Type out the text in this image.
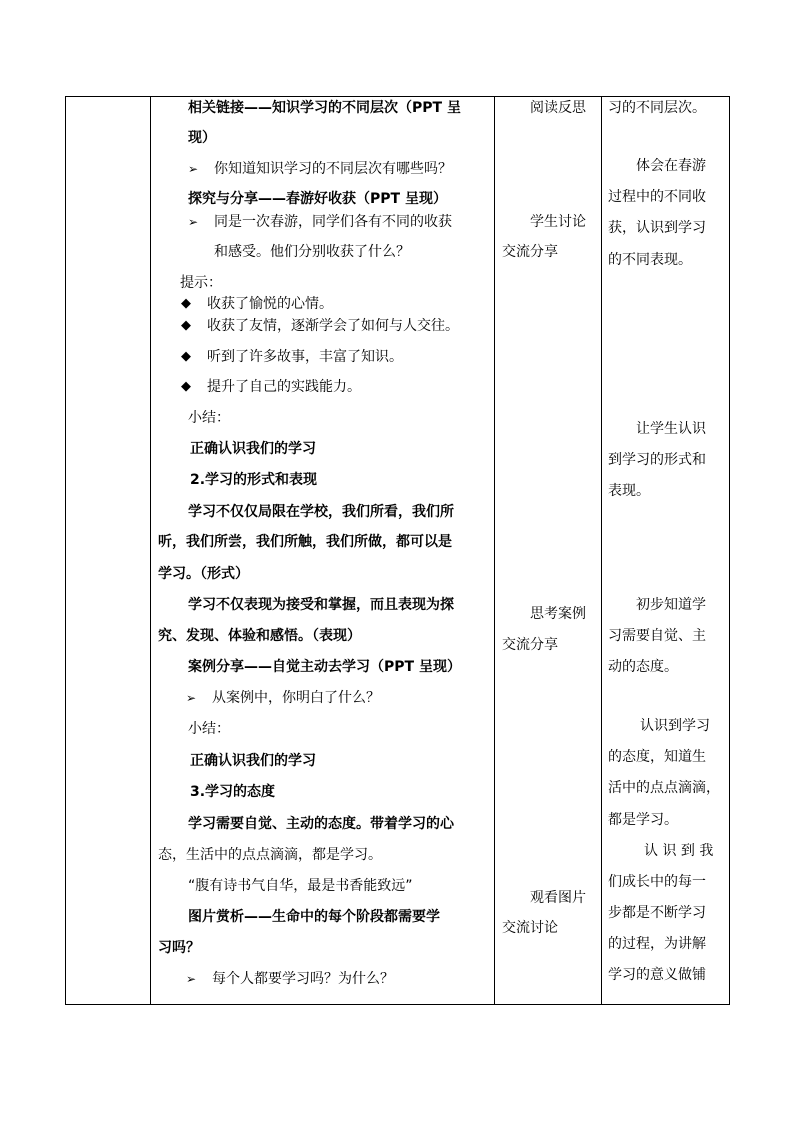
相关链接——知识学习的不同层次（PPT 呈
现）
➢ 你知道知识学习的不同层次有哪些吗？
探究与分享——春游好收获（PPT 呈现）
➢ 同是一次春游，同学们各有不同的收获
和感受。他们分别收获了什么？
提示：
◆ 收获了愉悦的心情。
◆ 收获了友情，逐渐学会了如何与人交往。
◆ 听到了许多故事，丰富了知识。
◆ 提升了自己的实践能力。
小结：
正确认识我们的学习
2.学习的形式和表现
学习不仅仅局限在学校，我们所看，我们所
听，我们所尝，我们所触，我们所做，都可以是
学习。（形式）
学习不仅表现为接受和掌握，而且表现为探
究、发现、体验和感悟。（表现）
案例分享——自觉主动去学习（PPT 呈现）
➢ 从案例中，你明白了什么？
小结：
正确认识我们的学习
3.学习的态度
学习需要自觉、主动的态度。带着学习的心
态，生活中的点点滴滴，都是学习。
“腹有诗书气自华，最是书香能致远”
图片赏析——生命中的每个阶段都需要学
习吗？
➢ 每个人都要学习吗？为什么？
阅读反思
学生讨论
交流分享
思考案例
交流分享
观看图片
交流讨论
习的不同层次。
体会在春游
过程中的不同收
获，认识到学习
的不同表现。
让学生认识
到学习的形式和
表现。
初步知道学
习需要自觉、主
动的态度。
认识到学习
的态度，知道生
活中的点点滴滴，
都是学习。
认 识 到 我
们成长中的每一
步都是不断学习
的过程，为讲解
学习的意义做铺
